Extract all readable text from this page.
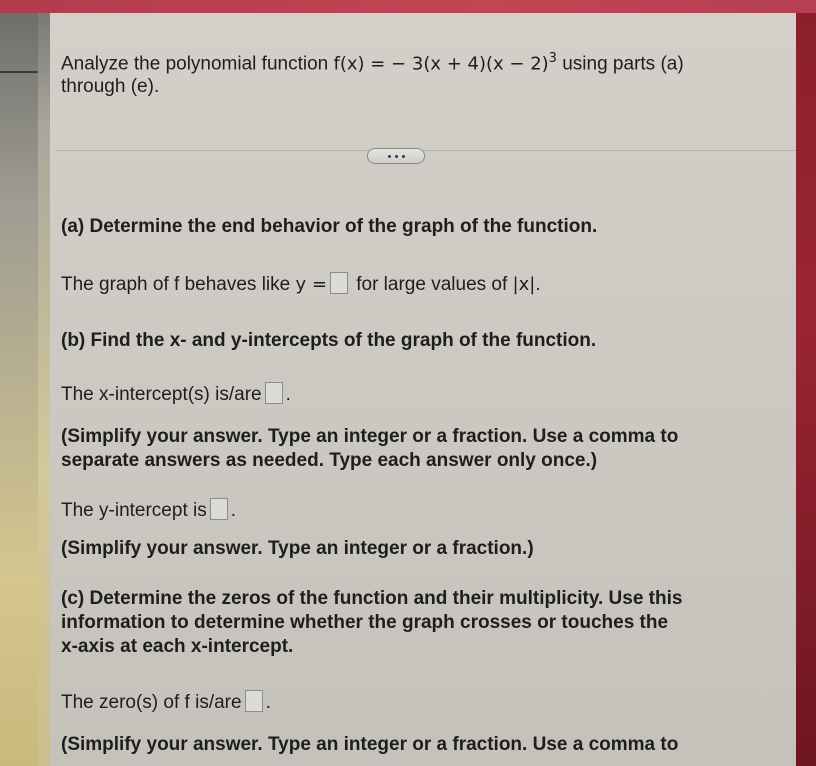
Analyze the polynomial function f(x) = − $3(x + 4)(x - 2)^3$ using parts (a)

through (e).

(a) Determine the end behavior of the graph of the function.

The graph of f behaves like y = for large values of |x|.

(b) Find the x- and y-intercepts of the graph of the function.

The x-intercept(s) is/are .

(Simplify your answer. Type an integer or a fraction. Use a comma to

separate answers as needed. Type each answer only once.)

The y-intercept is .

(Simplify your answer. Type an integer or a fraction.)

(c) Determine the zeros of the function and their multiplicity. Use this

information to determine whether the graph crosses or touches the

x-axis at each x-intercept.

The zero(s) of f is/are .

(Simplify your answer. Type an integer or a fraction. Use a comma to
